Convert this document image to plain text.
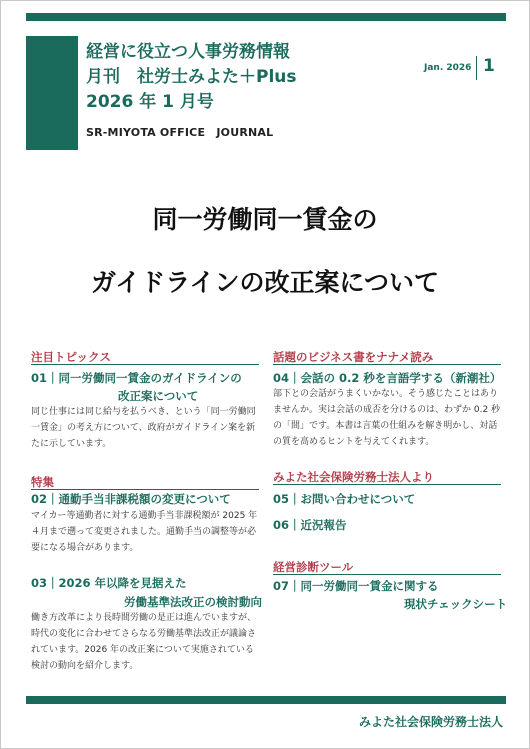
経営に役立つ人事労務情報
月刊　社労士みよた＋Plus
2026 年 1 月号
SR-MIYOTA OFFICE　JOURNAL
Jan. 2026 1
同一労働同一賃金の
ガイドラインの改正案について
注目トピックス
01｜同一労働同一賃金のガイドラインの
改正案について
同じ仕事には同じ給与を払うべき、という「同一労働同一賃金」の考え方について、政府がガイドライン案を新たに示しています。
特集
02｜通勤手当非課税額の変更について
マイカー等通勤者に対する通勤手当非課税額が 2025 年４月まで遡って変更されました。通勤手当の調整等が必要になる場合があります。
03｜2026 年以降を見据えた
労働基準法改正の検討動向
働き方改革により長時間労働の是正は進んでいますが、時代の変化に合わせてさらなる労働基準法改正が議論されています。2026 年の改正案について実施されている検討の動向を紹介します。
話題のビジネス書をナナメ読み
04｜会話の 0.2 秒を言語学する（新潮社）
部下との会話がうまくいかない。そう感じたことはありませんか。実は会話の成否を分けるのは、わずか 0.2 秒の「間」です。本書は言葉の仕組みを解き明かし、対話の質を高めるヒントを与えてくれます。
みよた社会保険労務士法人より
05｜お問い合わせについて
06｜近況報告
経営診断ツール
07｜同一労働同一賃金に関する
現状チェックシート
みよた社会保険労務士法人
